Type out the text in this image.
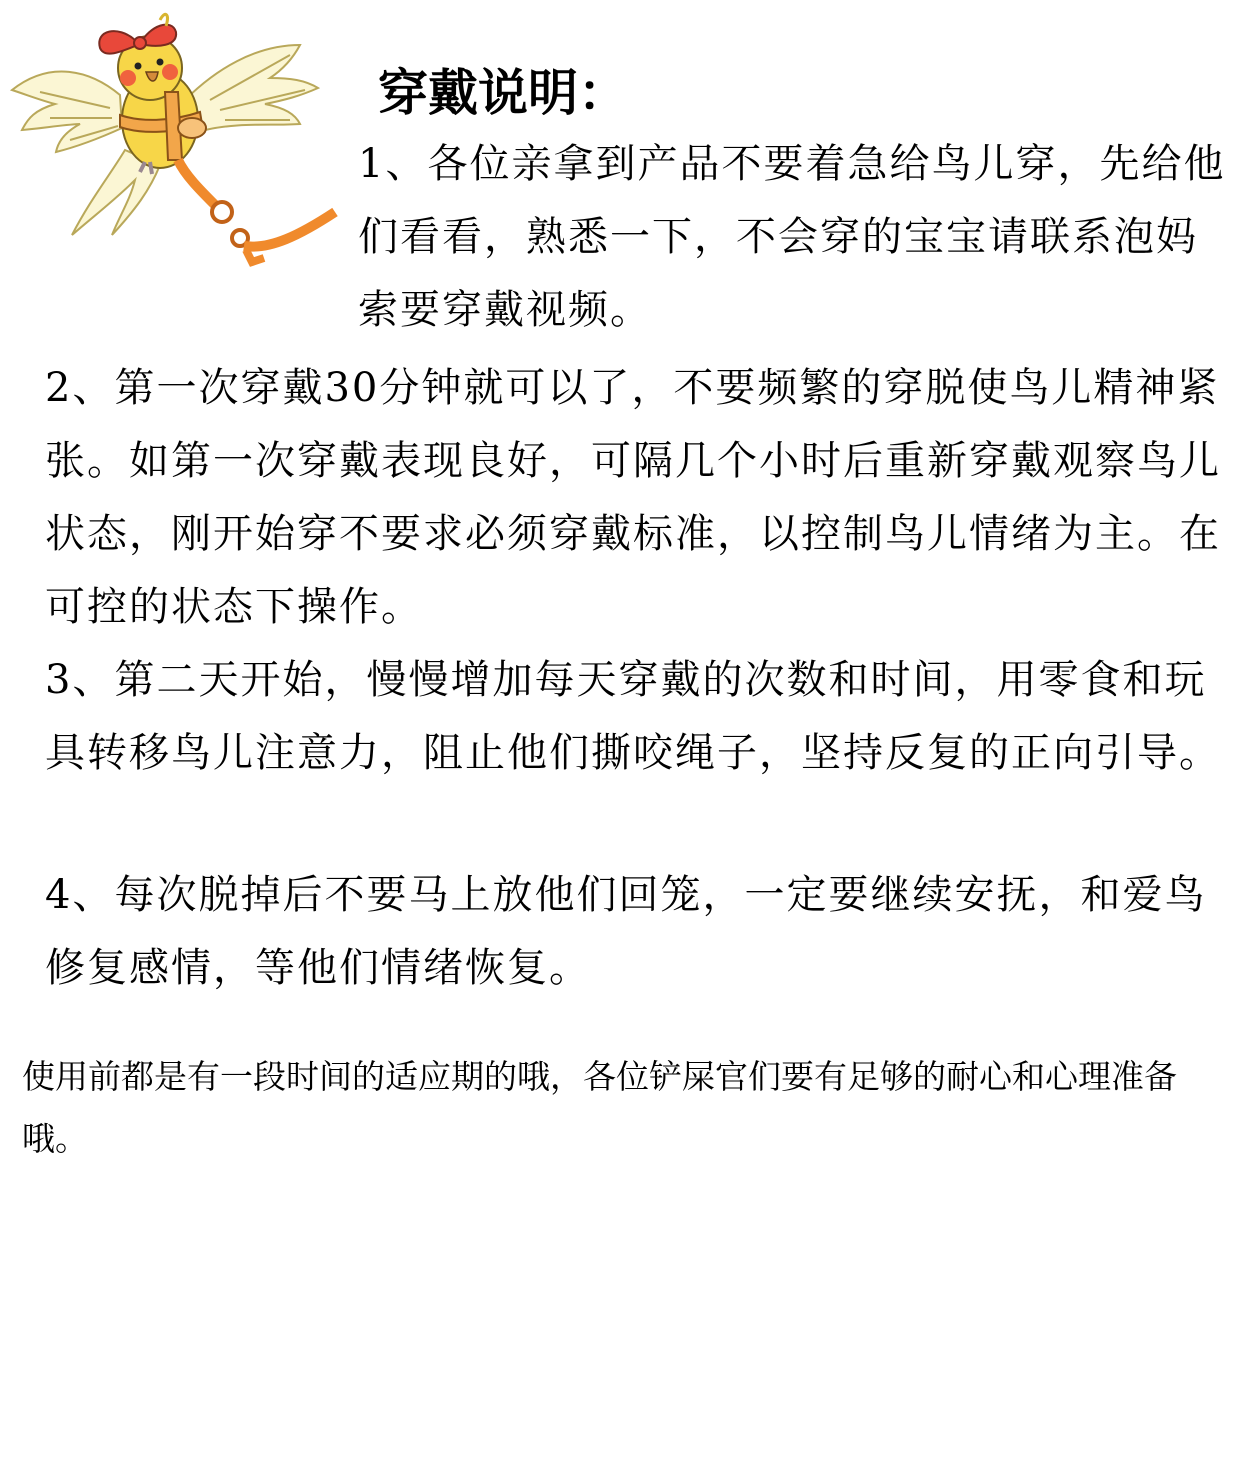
穿戴说明：
1、各位亲拿到产品不要着急给鸟儿穿，先给他们看看，熟悉一下，不会穿的宝宝请联系泡妈索要穿戴视频。
2、第一次穿戴30分钟就可以了，不要频繁的穿脱使鸟儿精神紧张。如第一次穿戴表现良好，可隔几个小时后重新穿戴观察鸟儿状态，刚开始穿不要求必须穿戴标准，以控制鸟儿情绪为主。在可控的状态下操作。
3、第二天开始，慢慢增加每天穿戴的次数和时间，用零食和玩具转移鸟儿注意力，阻止他们撕咬绳子，坚持反复的正向引导。
4、每次脱掉后不要马上放他们回笼，一定要继续安抚，和爱鸟修复感情，等他们情绪恢复。
使用前都是有一段时间的适应期的哦，各位铲屎官们要有足够的耐心和心理准备哦。
